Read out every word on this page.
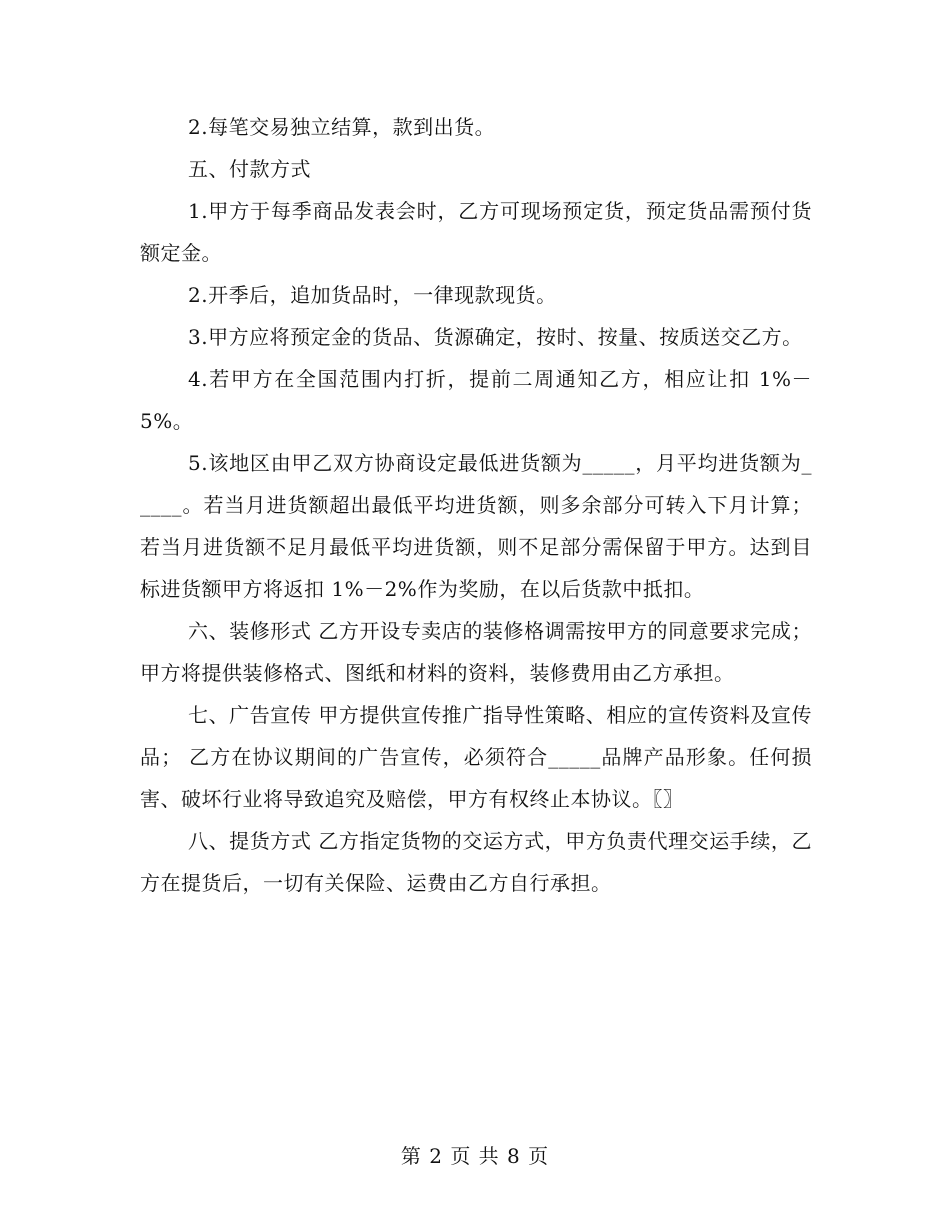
2.每笔交易独立结算，款到出货。

五、付款方式

1.甲方于每季商品发表会时，乙方可现场预定货，预定货品需预付货额定金。

2.开季后，追加货品时，一律现款现货。

3.甲方应将预定金的货品、货源确定，按时、按量、按质送交乙方。

4.若甲方在全国范围内打折，提前二周通知乙方，相应让扣 1%－5%。

5.该地区由甲乙双方协商设定最低进货额为_____，月平均进货额为_____。若当月进货额超出最低平均进货额，则多余部分可转入下月计算；若当月进货额不足月最低平均进货额，则不足部分需保留于甲方。达到目标进货额甲方将返扣 1%－2%作为奖励，在以后货款中抵扣。

六、装修形式 乙方开设专卖店的装修格调需按甲方的同意要求完成； 甲方将提供装修格式、图纸和材料的资料，装修费用由乙方承担。

七、广告宣传 甲方提供宣传推广指导性策略、相应的宣传资料及宣传品； 乙方在协议期间的广告宣传，必须符合_____品牌产品形象。任何损害、破坏行业将导致追究及赔偿，甲方有权终止本协议。〖〗

八、提货方式 乙方指定货物的交运方式，甲方负责代理交运手续，乙方在提货后，一切有关保险、运费由乙方自行承担。

第 2 页 共 8 页
